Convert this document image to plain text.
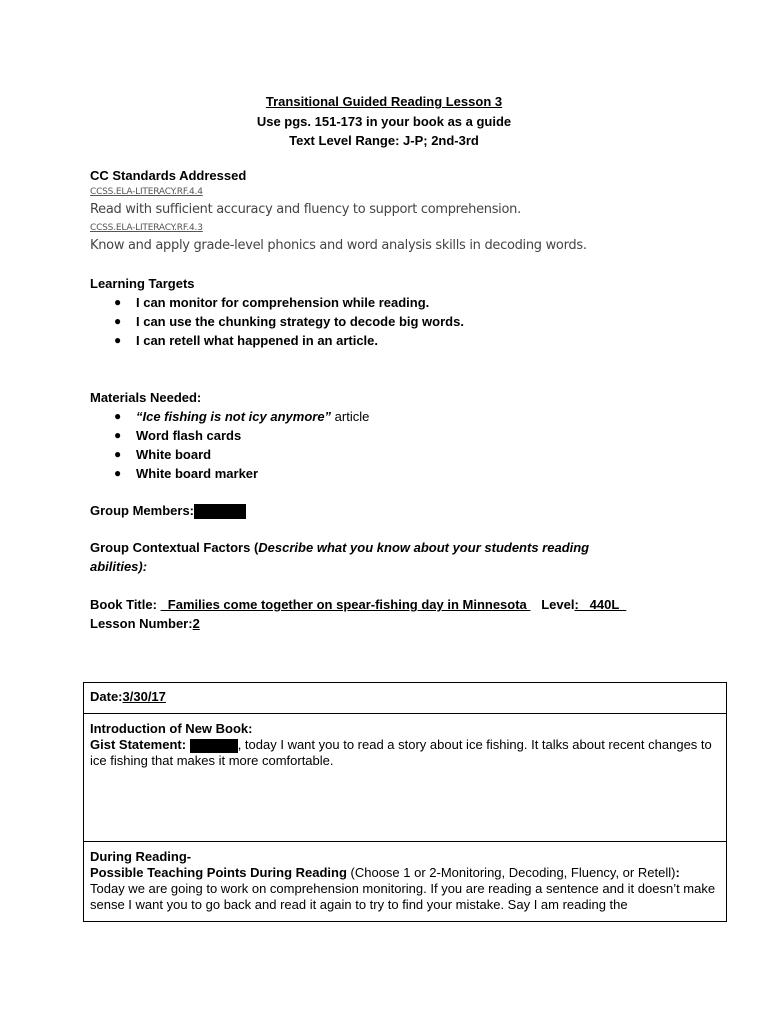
Transitional Guided Reading Lesson 3
Use pgs. 151-173 in your book as a guide
Text Level Range: J-P; 2nd-3rd
CC Standards Addressed
CCSS.ELA-LITERACY.RF.4.4
Read with sufficient accuracy and fluency to support comprehension.
CCSS.ELA-LITERACY.RF.4.3
Know and apply grade-level phonics and word analysis skills in decoding words.
Learning Targets
● I can monitor for comprehension while reading.
● I can use the chunking strategy to decode big words.
● I can retell what happened in an article.
Materials Needed:
● “Ice fishing is not icy anymore” article
● Word flash cards
● White board
● White board marker
Group Members:
Group Contextual Factors (Describe what you know about your students reading abilities):
Book Title:   Families come together on spear-fishing day in Minnesota    Level:   440L
Lesson Number:2

Date:3/30/17

Introduction of New Book:

Gist Statement:	, today I want you to read a story about ice fishing. It talks about recent changes to ice fishing that makes it more comfortable.

During Reading-

Possible Teaching Points During Reading (Choose 1 or 2-Monitoring, Decoding, Fluency, or Retell):

Today we are going to work on comprehension monitoring. If you are reading a sentence and it doesn’t make sense I want you to go back and read it again to try to find your mistake. Say I am reading the
